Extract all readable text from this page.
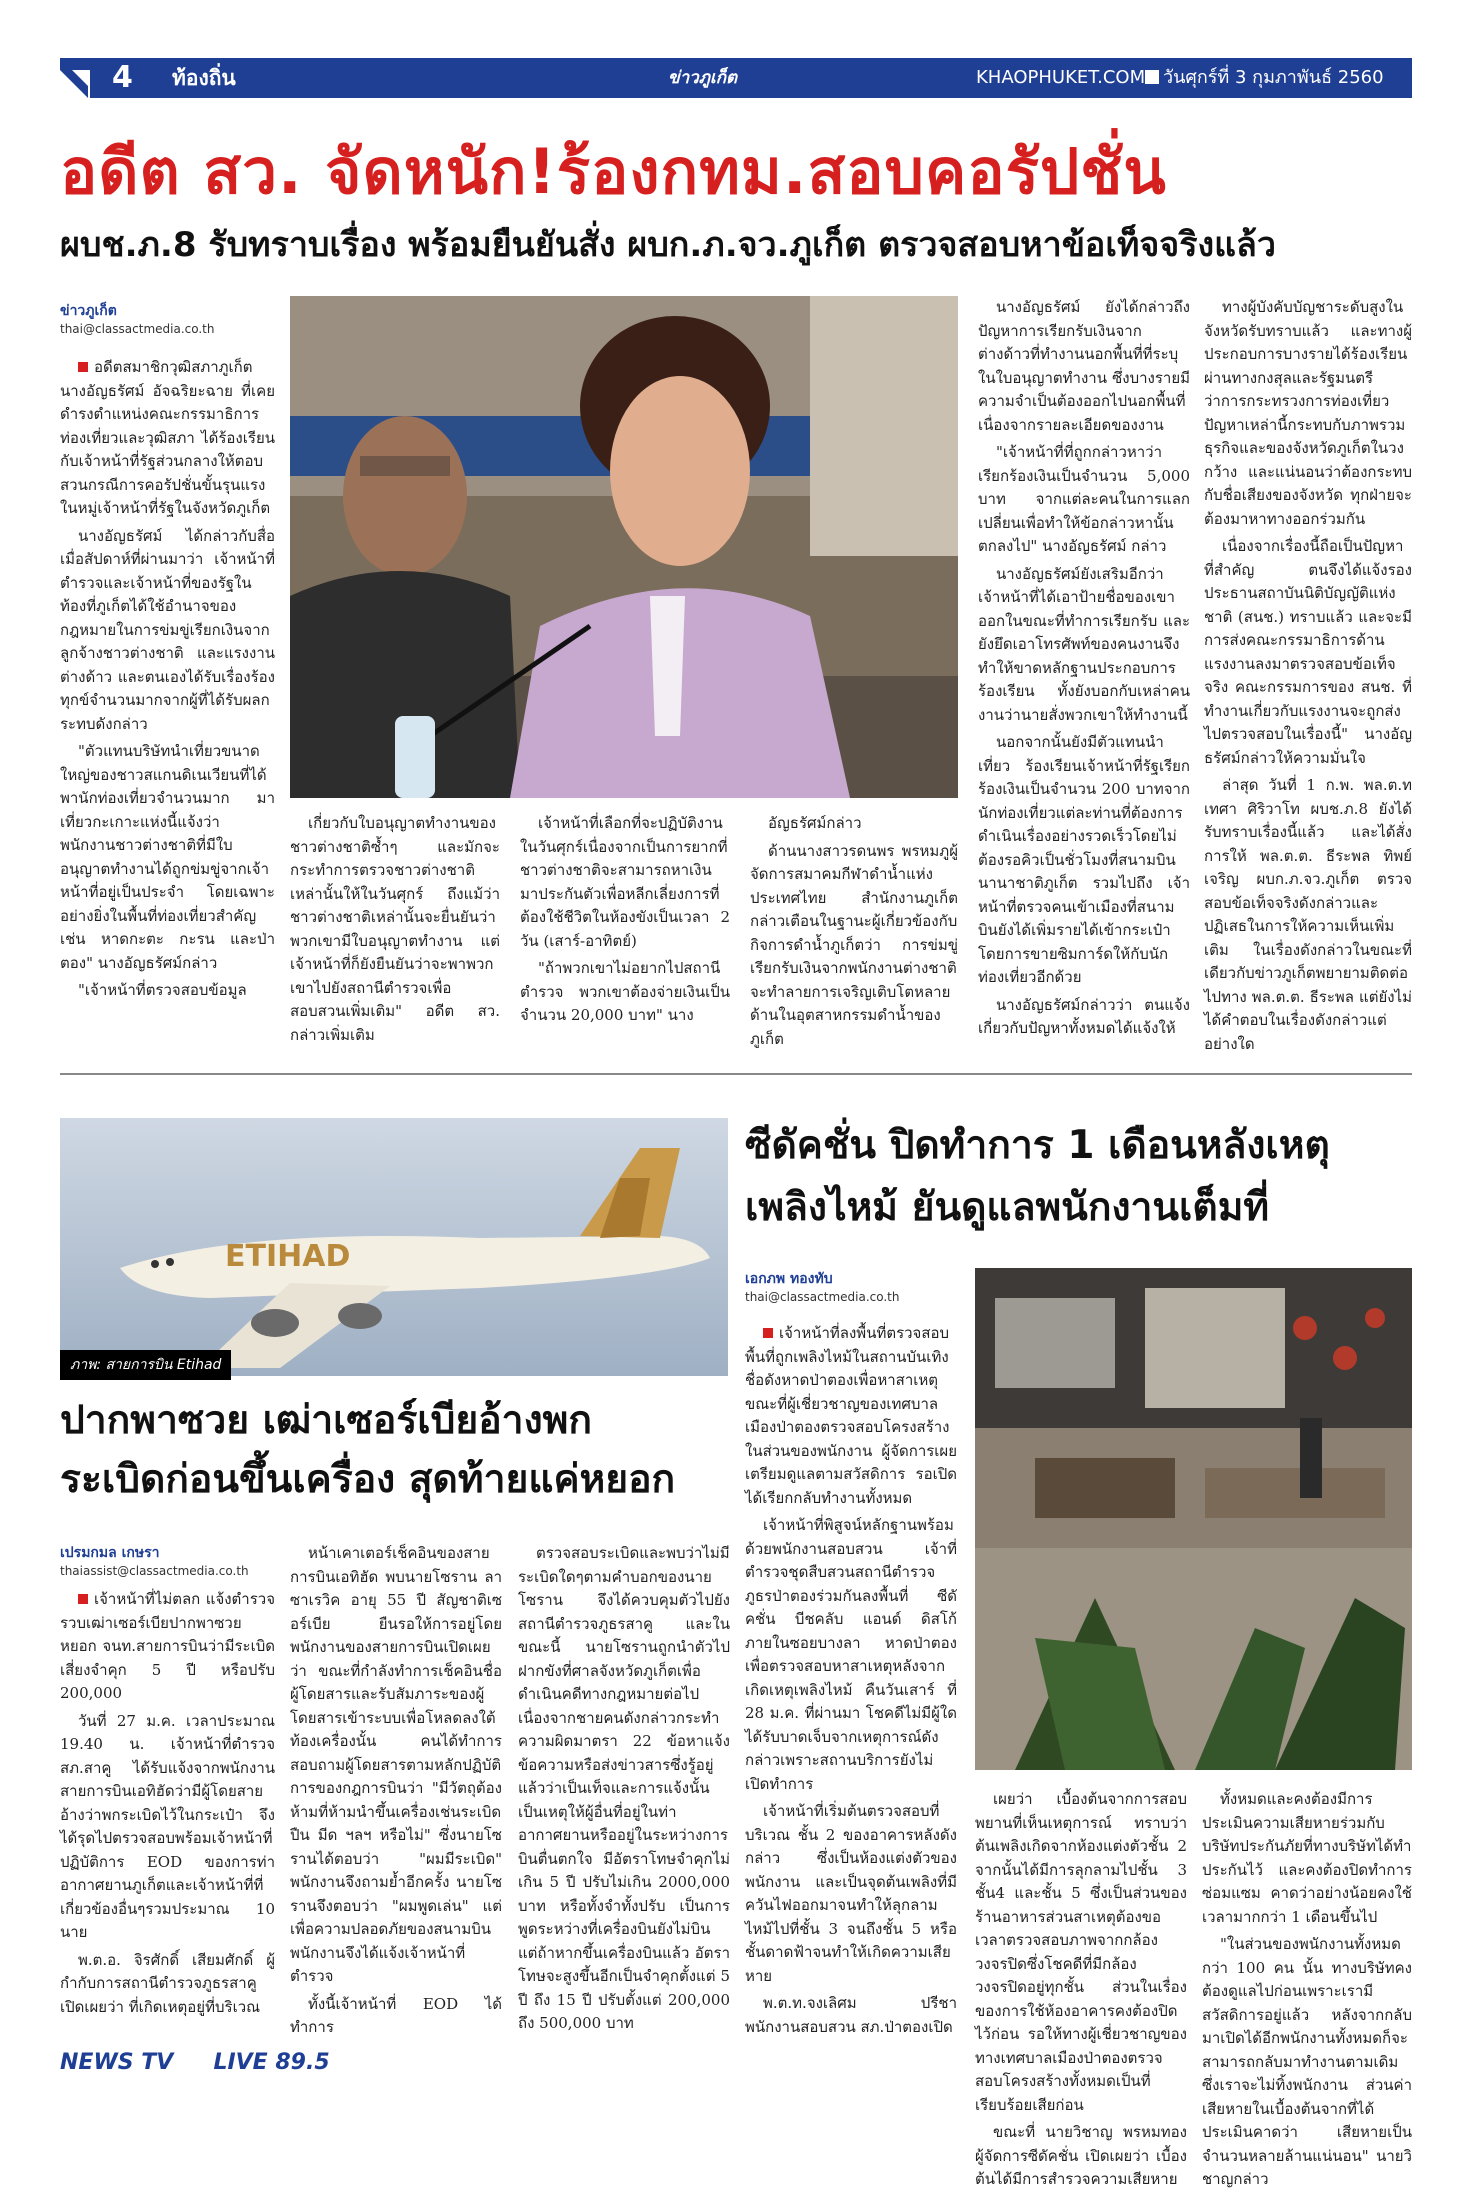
4 ท้องถิ่น	ข่าวภูเก็ต	KHAOPHUKET.COM วันศุกร์ที่ 3 กุมภาพันธ์ 2560
อดีต สว. จัดหนัก!ร้องกทม.สอบคอรัปชั่น
ผบช.ภ.8 รับทราบเรื่อง พร้อมยืนยันสั่ง ผบก.ภ.จว.ภูเก็ต ตรวจสอบหาข้อเท็จจริงแล้ว
ข่าวภูเก็ต
thai@classactmedia.co.th

อดีตสมาชิกวุฒิสภาภูเก็ต นางอัญธรัศม์ อัจฉริยะฉาย ที่เคยดำรงตำแหน่งคณะกรรมาธิการท่องเที่ยวและวุฒิสภา ได้ร้องเรียนกับเจ้าหน้าที่รัฐส่วนกลางให้ตอบสวนกรณีการคอรัปชั่นขั้นรุนแรงในหมู่เจ้าหน้าที่รัฐในจังหวัดภูเก็ต

นางอัญธรัศม์ ได้กล่าวกับสื่อเมื่อสัปดาห์ที่ผ่านมาว่า เจ้าหน้าที่ตำรวจและเจ้าหน้าที่ของรัฐในท้องที่ภูเก็ตได้ใช้อำนาจของกฎหมายในการข่มขู่เรียกเงินจากลูกจ้างชาวต่างชาติ และแรงงานต่างด้าว และตนเองได้รับเรื่องร้องทุกข์จำนวนมากจากผู้ที่ได้รับผลกระทบดังกล่าว

"ตัวแทนบริษัทนำเที่ยวขนาดใหญ่ของชาวสแกนดิเนเวียนที่ได้พานักท่องเที่ยวจำนวนมาก มาเที่ยวกะเกาะแห่งนี้แจ้งว่า พนักงานชาวต่างชาติที่มีใบอนุญาตทำงานได้ถูกข่มขู่จากเจ้าหน้าที่อยู่เป็นประจำ โดยเฉพาะอย่างยิ่งในพื้นที่ท่องเที่ยวสำคัญเช่น หาดกะตะ กะรน และป่าตอง" นางอัญธรัศม์กล่าว

"เจ้าหน้าที่ตรวจสอบข้อมูล

เกี่ยวกับใบอนุญาตทำงานของชาวต่างชาติซ้ำๆ และมักจะกระทำการตรวจชาวต่างชาติเหล่านั้นให้ในวันศุกร์ ถึงแม้ว่าชาวต่างชาติเหล่านั้นจะยื่นยันว่าพวกเขามีใบอนุญาตทำงาน แต่เจ้าหน้าที่ก็ยังยืนยันว่าจะพาพวกเขาไปยังสถานีตำรวจเพื่อสอบสวนเพิ่มเติม" อดีต สว. กล่าวเพิ่มเติม

เจ้าหน้าที่เลือกที่จะปฏิบัติงานในวันศุกร์เนื่องจากเป็นการยากที่ชาวต่างชาติจะสามารถหาเงินมาประกันตัวเพื่อหลีกเลี่ยงการที่ต้องใช้ชีวิตในห้องขังเป็นเวลา 2 วัน (เสาร์-อาทิตย์)

"ถ้าพวกเขาไม่อยากไปสถานีตำรวจ พวกเขาต้องจ่ายเงินเป็นจำนวน 20,000 บาท" นาง

อัญธรัศม์กล่าว

ด้านนางสาวรดนพร พรหมภูผู้จัดการสมาคมกีฬาดำน้ำแห่งประเทศไทย สำนักงานภูเก็ตกล่าวเตือนในฐานะผู้เกี่ยวข้องกับกิจการดำน้ำภูเก็ตว่า การข่มขู่ เรียกรับเงินจากพนักงานต่างชาติจะทำลายการเจริญเติบโตหลายด้านในอุตสาหกรรมดำน้ำของภูเก็ต

นางอัญธรัศม์ ยังได้กล่าวถึงปัญหาการเรียกรับเงินจากต่างด้าวที่ทำงานนอกพื้นที่ที่ระบุในใบอนุญาตทำงาน ซึ่งบางรายมีความจำเป็นต้องออกไปนอกพื้นที่เนื่องจากรายละเอียดของงาน

"เจ้าหน้าที่ที่ถูกกล่าวหาว่าเรียกร้องเงินเป็นจำนวน 5,000 บาท จากแต่ละคนในการแลกเปลี่ยนเพื่อทำให้ข้อกล่าวหานั้นตกลงไป" นางอัญธรัศม์ กล่าว

นางอัญธรัศม์ยังเสริมอีกว่า เจ้าหน้าที่ได้เอาป้ายชื่อของเขาออกในขณะที่ทำการเรียกรับ และยังยึดเอาโทรศัพท์ของคนงานจึงทำให้ขาดหลักฐานประกอบการร้องเรียน ทั้งยังบอกกับเหล่าคนงานว่านายสั่งพวกเขาให้ทำงานนี้

นอกจากนั้นยังมีตัวแทนนำเที่ยว ร้องเรียนเจ้าหน้าที่รัฐเรียกร้องเงินเป็นจำนวน 200 บาทจากนักท่องเที่ยวแต่ละท่านที่ต้องการดำเนินเรื่องอย่างรวดเร็วโดยไม่ต้องรอคิวเป็นชั่วโมงที่สนามบินนานาชาติภูเก็ต รวมไปถึง เจ้าหน้าที่ตรวจคนเข้าเมืองที่สนามบินยังได้เพิ่มรายได้เข้ากระเป๋าโดยการขายซิมการ์ดให้กับนักท่องเที่ยวอีกด้วย

นางอัญธรัศม์กล่าวว่า ตนแจ้งเกี่ยวกับปัญหาทั้งหมดได้แจ้งให้

ทางผู้บังคับบัญชาระดับสูงในจังหวัดรับทราบแล้ว และทางผู้ประกอบการบางรายได้ร้องเรียนผ่านทางกงสุลและรัฐมนตรีว่าการกระทรวงการท่องเที่ยว ปัญหาเหล่านี้กระทบกับภาพรวมธุรกิจและของจังหวัดภูเก็ตในวงกว้าง และแน่นอนว่าต้องกระทบกับชื่อเสียงของจังหวัด ทุกฝ่ายจะต้องมาหาทางออกร่วมกัน

เนื่องจากเรื่องนี้ถือเป็นปัญหาที่สำคัญ ตนจึงได้แจ้งรองประธานสถาบันนิติบัญญัติแห่งชาติ (สนช.) ทราบแล้ว และจะมีการส่งคณะกรรมาธิการด้านแรงงานลงมาตรวจสอบข้อเท็จจริง คณะกรรมการของ สนช. ที่ทำงานเกี่ยวกับแรงงานจะถูกส่งไปตรวจสอบในเรื่องนี้" นางอัญธรัศม์กล่าวให้ความมั่นใจ

ล่าสุด วันที่ 1 ก.พ. พล.ต.ท เทศา ศิริวาโท ผบช.ภ.8 ยังได้รับทราบเรื่องนี้แล้ว และได้สั่งการให้ พล.ต.ต. ธีระพล ทิพย์เจริญ ผบก.ภ.จว.ภูเก็ต ตรวจสอบข้อเท็จจริงดังกล่าวและปฏิเสธในการให้ความเห็นเพิ่มเติม ในเรื่องดังกล่าวในขณะที่เดียวกับข่าวภูเก็ตพยายามติดต่อไปทาง พล.ต.ต. ธีระพล แต่ยังไม่ได้คำตอบในเรื่องดังกล่าวแต่อย่างใด

ETIHAD
ภาพ: สายการบิน Etihad
ปากพาซวย เฒ่าเซอร์เบียอ้างพก
ระเบิดก่อนขึ้นเครื่อง สุดท้ายแค่หยอก
เปรมกมล เกษรา
thaiassist@classactmedia.co.th

เจ้าหน้าที่ไม่ตลก แจ้งตำรวจรวบเฒ่าเซอร์เบียปากพาซวยหยอก จนท.สายการบินว่ามีระเบิด เสี่ยงจำคุก 5 ปี หรือปรับ 200,000

วันที่ 27 ม.ค. เวลาประมาณ 19.40 น. เจ้าหน้าที่ตำรวจ สภ.สาคู ได้รับแจ้งจากพนักงานสายการบินเอทิฮัดว่ามีผู้โดยสายอ้างว่าพกระเบิดไว้ในกระเป๋า จึงได้รุดไปตรวจสอบพร้อมเจ้าหน้าที่ปฏิบัติการ EOD ของการท่าอากาศยานภูเก็ตและเจ้าหน้าที่ที่เกี่ยวข้องอื่นๆรวมประมาณ 10 นาย

พ.ต.อ. จิรศักดิ์ เสียมศักดิ์ ผู้กำกับการสถานีตำรวจภูธรสาคู เปิดเผยว่า ที่เกิดเหตุอยู่ที่บริเวณ

หน้าเคาเตอร์เช็คอินของสายการบินเอทิฮัด พบนายโซราน ลาซาเรวิค อายุ 55 ปี สัญชาติเซอร์เบีย ยืนรอให้การอยู่โดยพนักงานของสายการบินเปิดเผยว่า ขณะที่กำลังทำการเช็คอินชื่อผู้โดยสารและรับสัมภาระของผู้โดยสารเข้าระบบเพื่อโหลดลงใต้ท้องเครื่องนั้น คนได้ทำการสอบถามผู้โดยสารตามหลักปฏิบัติการของกฎการบินว่า "มีวัตถุต้องห้ามที่ห้ามนำขึ้นเครื่องเช่นระเบิด ปืน มีด ฯลฯ หรือไม่" ซึ่งนายโซรานได้ตอบว่า "ผมมีระเบิด" พนักงานจึงถามย้ำอีกครั้ง นายโซรานจึงตอบว่า "ผมพูดเล่น" แต่เพื่อความปลอดภัยของสนามบินพนักงานจึงได้แจ้งเจ้าหน้าที่ตำรวจ

ทั้งนี้เจ้าหน้าที่ EOD ได้ทำการ

ตรวจสอบระเบิดและพบว่าไม่มีระเบิดใดๆตามคำบอกของนายโซราน จึงได้ควบคุมตัวไปยังสถานีตำรวจภูธรสาคู และในขณะนี้ นายโซรานถูกนำตัวไปฝากขังที่ศาลจังหวัดภูเก็ตเพื่อดำเนินคดีทางกฎหมายต่อไปเนื่องจากชายคนดังกล่าวกระทำความผิดมาตรา 22 ข้อหาแจ้งข้อความหรือส่งข่าวสารซึ่งรู้อยู่แล้วว่าเป็นเท็จและการแจ้งนั้นเป็นเหตุให้ผู้อื่นที่อยู่ในท่าอากาศยานหรืออยู่ในระหว่างการบินตื่นตกใจ มีอัตราโทษจำคุกไม่เกิน 5 ปี ปรับไม่เกิน 2000,000 บาท หรือทั้งจำทั้งปรับ เป็นการพูดระหว่างที่เครื่องบินยังไม่บิน แต่ถ้าหากขึ้นเครื่องบินแล้ว อัตราโทษจะสูงขึ้นอีกเป็นจำคุกตั้งแต่ 5 ปี ถึง 15 ปี ปรับตั้งแต่ 200,000 ถึง 500,000 บาท

ซีดัคชั่น ปิดทำการ 1 เดือนหลังเหตุ
เพลิงไหม้ ยันดูแลพนักงานเต็มที่
เอกภพ ทองทับ
thai@classactmedia.co.th

เจ้าหน้าที่ลงพื้นที่ตรวจสอบพื้นที่ถูกเพลิงไหม้ในสถานบันเทิงชื่อดังหาดป่าตองเพื่อหาสาเหตุ ขณะที่ผู้เชี่ยวชาญของเทศบาลเมืองป่าตองตรวจสอบโครงสร้างในส่วนของพนักงาน ผู้จัดการเผยเตรียมดูแลตามสวัสดิการ รอเปิดได้เรียกกลับทำงานทั้งหมด

เจ้าหน้าที่พิสูจน์หลักฐานพร้อมด้วยพนักงานสอบสวน เจ้าที่ตำรวจชุดสืบสวนสถานีตำรวจภูธรป่าตองร่วมกันลงพื้นที่ ซีดัคชั่น บีชคลับ แอนด์ ดิสโก้ ภายในซอยบางลา หาดป่าตอง เพื่อตรวจสอบหาสาเหตุหลังจากเกิดเหตุเพลิงไหม้ คืนวันเสาร์ ที่ 28 ม.ค. ที่ผ่านมา โชคดีไม่มีผู้ใดได้รับบาดเจ็บจากเหตุการณ์ดังกล่าวเพราะสถานบริการยังไม่เปิดทำการ

เจ้าหน้าที่เริ่มต้นตรวจสอบที่บริเวณ ชั้น 2 ของอาคารหลังดังกล่าว ซึ่งเป็นห้องแต่งตัวของพนักงาน และเป็นจุดต้นเพลิงที่มีควันไฟออกมาจนทำให้ลุกลามไหม้ไปที่ชั้น 3 จนถึงชั้น 5 หรือชั้นดาดฟ้าจนทำให้เกิดความเสียหาย

พ.ต.ท.จงเลิศม ปรีชา พนักงานสอบสวน สภ.ป่าตองเปิด

เผยว่า เบื้องต้นจากการสอบพยานที่เห็นเหตุการณ์ ทราบว่า ต้นเพลิงเกิดจากห้องแต่งตัวชั้น 2 จากนั้นได้มีการลุกลามไปชั้น 3 ชั้น4 และชั้น 5 ซึ่งเป็นส่วนของร้านอาหารส่วนสาเหตุต้องขอเวลาตรวจสอบภาพจากกล้องวงจรปิดซึ่งโชคดีที่มีกล้องวงจรปิดอยู่ทุกชั้น ส่วนในเรื่องของการใช้ห้องอาคารคงต้องปิดไว้ก่อน รอให้ทางผู้เชี่ยวชาญของทางเทศบาลเมืองป่าตองตรวจสอบโครงสร้างทั้งหมดเป็นที่เรียบร้อยเสียก่อน

ขณะที่ นายวิชาญ พรหมทอง ผู้จัดการซีดัคชั่น เปิดเผยว่า เบื้องต้นได้มีการสำรวจความเสียหาย

ทั้งหมดและคงต้องมีการประเมินความเสียหายร่วมกับบริษัทประกันภัยที่ทางบริษัทได้ทำประกันไว้ และคงต้องปิดทำการซ่อมแซม คาดว่าอย่างน้อยคงใช้เวลามากกว่า 1 เดือนขึ้นไป

"ในส่วนของพนักงานทั้งหมดกว่า 100 คน นั้น ทางบริษัทคงต้องดูแลไปก่อนเพราะเรามีสวัสดิการอยู่แล้ว หลังจากกลับมาเปิดได้อีกพนักงานทั้งหมดก็จะสามารถกลับมาทำงานตามเดิม ซึ่งเราจะไม่ทิ้งพนักงาน ส่วนค่าเสียหายในเบื้องต้นจากที่ได้ประเมินคาดว่า เสียหายเป็นจำนวนหลายล้านแน่นอน" นายวิชาญกล่าว

NEWS TV LIVE 89.5
